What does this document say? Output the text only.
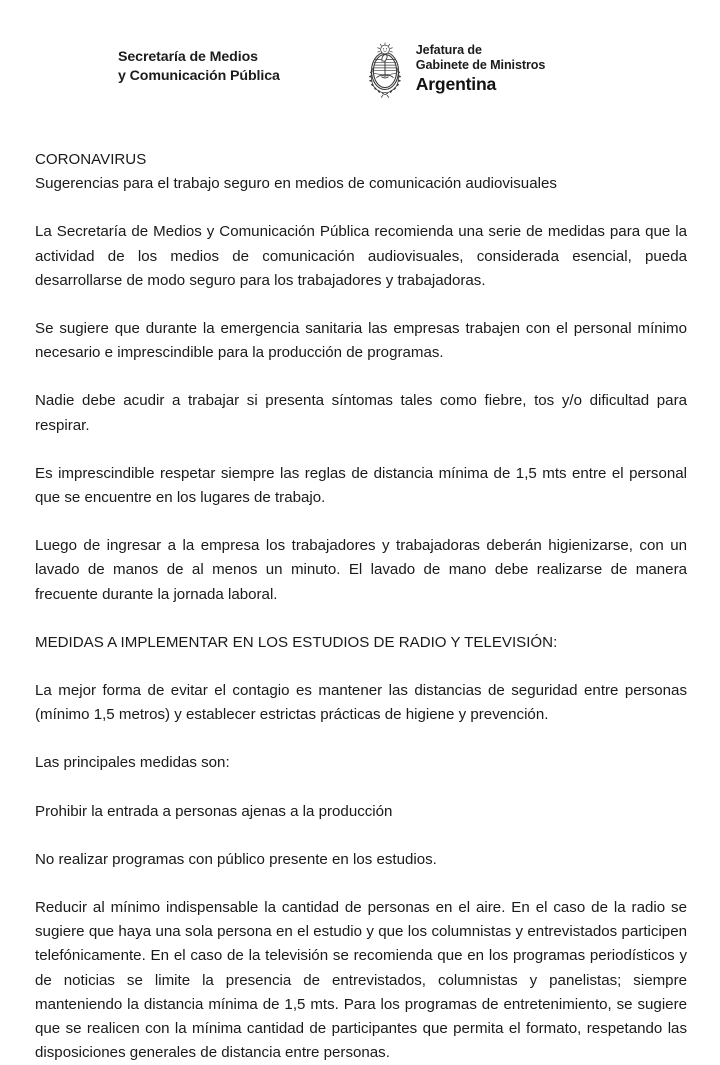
Secretaría de Medios
y Comunicación Pública
Jefatura de
Gabinete de Ministros
Argentina
CORONAVIRUS
Sugerencias para el trabajo seguro en medios de comunicación audiovisuales

La Secretaría de Medios y Comunicación Pública recomienda una serie de medidas para que la actividad de los medios de comunicación audiovisuales, considerada esencial, pueda desarrollarse de modo seguro para los trabajadores y trabajadoras.

Se sugiere que durante la emergencia sanitaria las empresas trabajen con el personal mínimo necesario e imprescindible para la producción de programas.

Nadie debe acudir a trabajar si presenta síntomas tales como fiebre, tos y/o dificultad para respirar.

Es imprescindible respetar siempre las reglas de distancia mínima de 1,5 mts entre el personal que se encuentre en los lugares de trabajo.

Luego de ingresar a la empresa los trabajadores y trabajadoras deberán higienizarse, con un lavado de manos de al menos un minuto. El lavado de mano debe realizarse de manera frecuente durante la jornada laboral.

MEDIDAS A IMPLEMENTAR EN LOS ESTUDIOS DE RADIO Y TELEVISIÓN:

La mejor forma de evitar el contagio es mantener las distancias de seguridad entre personas (mínimo 1,5 metros) y establecer estrictas prácticas de higiene y prevención.

Las principales medidas son:

Prohibir la entrada a personas ajenas a la producción

No realizar programas con público presente en los estudios.

Reducir al mínimo indispensable la cantidad de personas en el aire. En el caso de la radio se sugiere que haya una sola persona en el estudio y que los columnistas y entrevistados participen telefónicamente. En el caso de la televisión se recomienda que en los programas periodísticos y de noticias se limite la presencia de entrevistados, columnistas y panelistas; siempre manteniendo la distancia mínima de 1,5 mts. Para los programas de entretenimiento, se sugiere que se realicen con la mínima cantidad de participantes que permita el formato, respetando las disposiciones generales de distancia entre personas.
